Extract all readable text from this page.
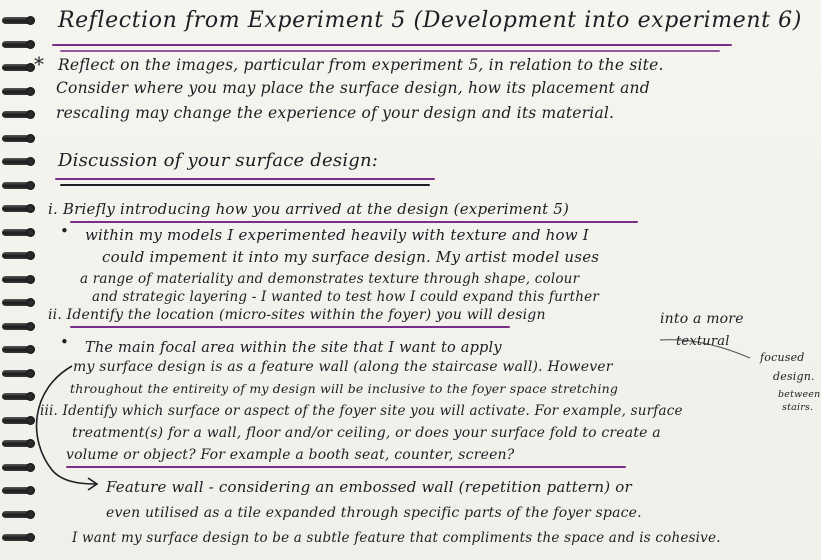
Reflection from Experiment 5 (Development into experiment 6)
* Reflect on the images, particular from experiment 5, in relation to the site.
Consider where you may place the surface design, how its placement and
rescaling may change the experience of your design and its material.
Discussion of your surface design:
i. Briefly introducing how you arrived at the design (experiment 5)
• within my models I experimented heavily with texture and how I
could impement it into my surface design. My artist model uses
a range of materiality and demonstrates texture through shape, colour
and strategic layering - I wanted to test how I could expand this further
ii. Identify the location (micro-sites within the foyer) you will design	into a more
textural
focused
design.
• The main focal area within the site that I want to apply
my surface design is as a feature wall (along the staircase wall). However
throughout the entireity of my design will be inclusive to the foyer space stretching	between
stairs.
iii. Identify which surface or aspect of the foyer site you will activate. For example, surface
treatment(s) for a wall, floor and/or ceiling, or does your surface fold to create a
volume or object? For example a booth seat, counter, screen?
Feature wall - considering an embossed wall (repetition pattern) or
even utilised as a tile expanded through specific parts of the foyer space.
I want my surface design to be a subtle feature that compliments the space and is cohesive.
